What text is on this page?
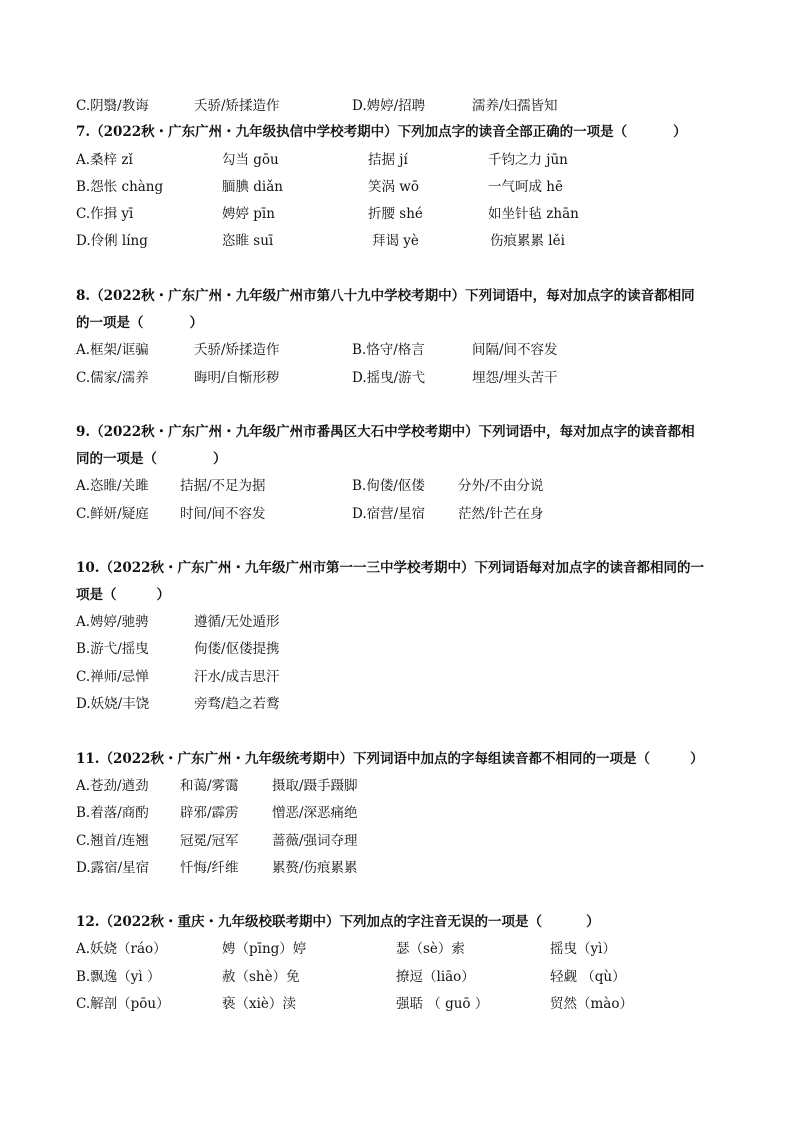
C.阴翳/教诲	夭骄/矫揉造作	D.娉婷/招聘	濡养/妇孺皆知
7.（2022秋・广东广州・九年级执信中学校考期中）下列加点字的读音全部正确的一项是（	）
A.桑梓 zǐ	勾当 gōu	拮据 jí	千钧之力 jūn
B.怨怅 chàng	腼腆 diǎn	笑涡 wō	一气呵成 hē
C.作揖 yī	娉婷 pīn	折腰 shé	如坐针毡 zhān
D.伶俐 líng	恣睢 suī	拜谒 yè	伤痕累累 lěi
8.（2022秋・广东广州・九年级广州市第八十九中学校考期中）下列词语中，每对加点字的读音都相同
的一项是（	）
A.框架/诓骗	夭骄/矫揉造作	B.恪守/格言	间隔/间不容发
C.儒家/濡养	晦明/自惭形秽	D.摇曳/游弋	埋怨/埋头苦干
9.（2022秋・广东广州・九年级广州市番禺区大石中学校考期中）下列词语中，每对加点字的读音都相
同的一项是（	）
A.恣睢/关雎 拮据/不足为据	B.佝偻/伛偻 分外/不由分说
C.鲜妍/疑庭 时间/间不容发	D.宿营/星宿 茫然/针芒在身
10.（2022秋・广东广州・九年级广州市第一一三中学校考期中）下列词语每对加点字的读音都相同的一
项是（	）
A.娉婷/驰骋	遵循/无处遁形
B.游弋/摇曳	佝偻/伛偻提携
C.禅师/忌惮	汗水/成吉思汗
D.妖娆/丰饶	旁骛/趋之若鹜
11.（2022秋・广东广州・九年级统考期中）下列词语中加点的字每组读音都不相同的一项是（	）
A.苍劲/遒劲 和蔼/雾霭 摄取/蹑手蹑脚
B.着落/商酌 辟邪/霹雳 憎恶/深恶痛绝
C.翘首/连翘 冠冕/冠军 蔷薇/强词夺理
D.露宿/星宿 忏悔/纤维 累赘/伤痕累累
12.（2022秋・重庆・九年级校联考期中）下列加点的字注音无误的一项是（	）
A.妖娆（ráo）	娉（pīng）婷	瑟（sè）索	摇曳（yì）
B.飘逸（yì ）	赦（shè）免	撩逗（liāo）	轻觑 （qù）
C.解剖（pōu）	亵（xiè）渎	强聒 （ guō ）	贸然（mào）
